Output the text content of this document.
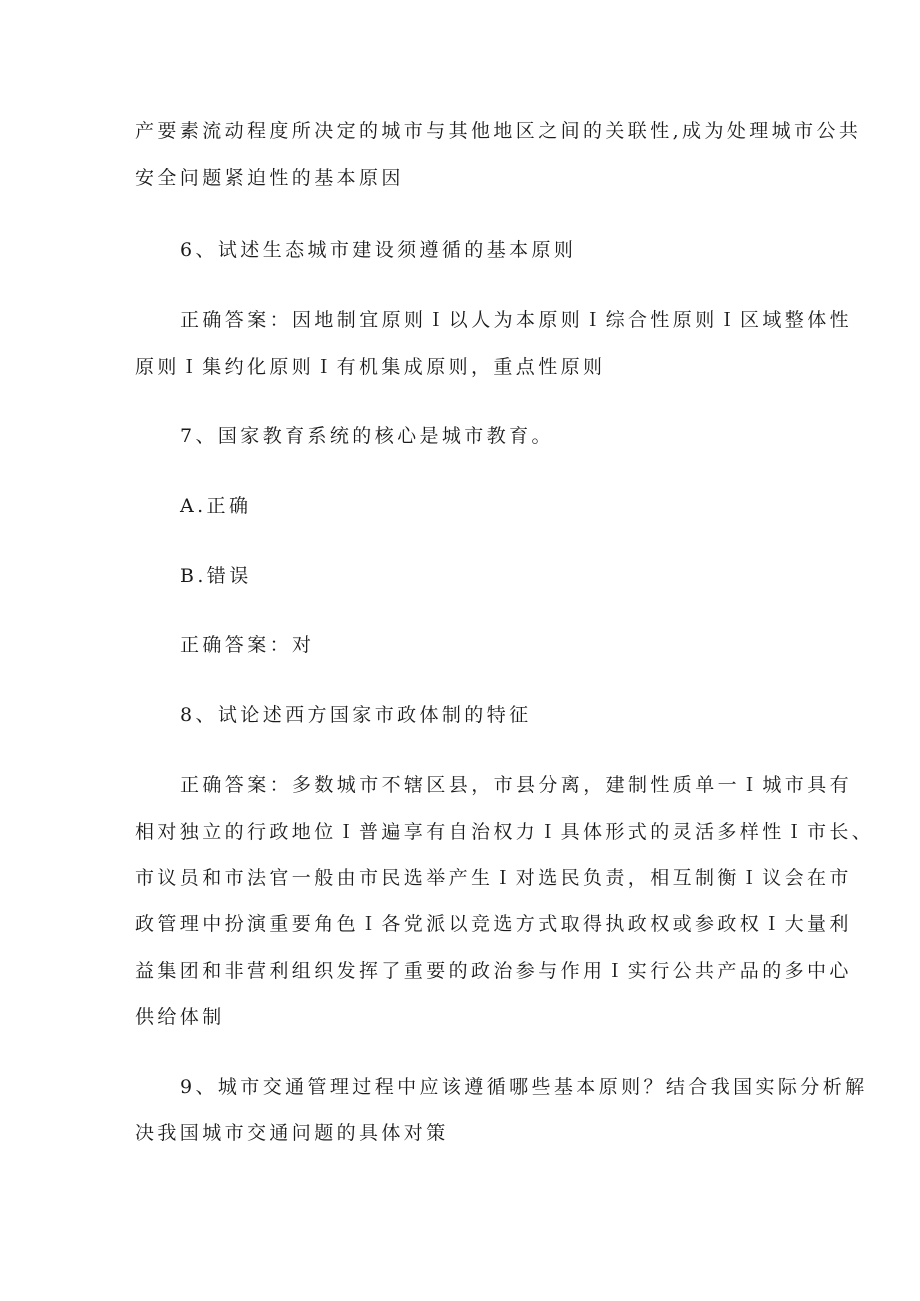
产要素流动程度所决定的城市与其他地区之间的关联性,成为处理城市公共
安全问题紧迫性的基本原因
6、试述生态城市建设须遵循的基本原则
正确答案：因地制宜原则Ｉ以人为本原则Ｉ综合性原则Ｉ区域整体性
原则Ｉ集约化原则Ｉ有机集成原则，重点性原则
7、国家教育系统的核心是城市教育。
A.正确
B.错误
正确答案：对
8、试论述西方国家市政体制的特征
正确答案：多数城市不辖区县，市县分离，建制性质单一Ｉ城市具有
相对独立的行政地位Ｉ普遍享有自治权力Ｉ具体形式的灵活多样性Ｉ市长、
市议员和市法官一般由市民选举产生Ｉ对选民负责，相互制衡Ｉ议会在市
政管理中扮演重要角色Ｉ各党派以竞选方式取得执政权或参政权Ｉ大量利
益集团和非营利组织发挥了重要的政治参与作用Ｉ实行公共产品的多中心
供给体制
9、城市交通管理过程中应该遵循哪些基本原则？结合我国实际分析解
决我国城市交通问题的具体对策
